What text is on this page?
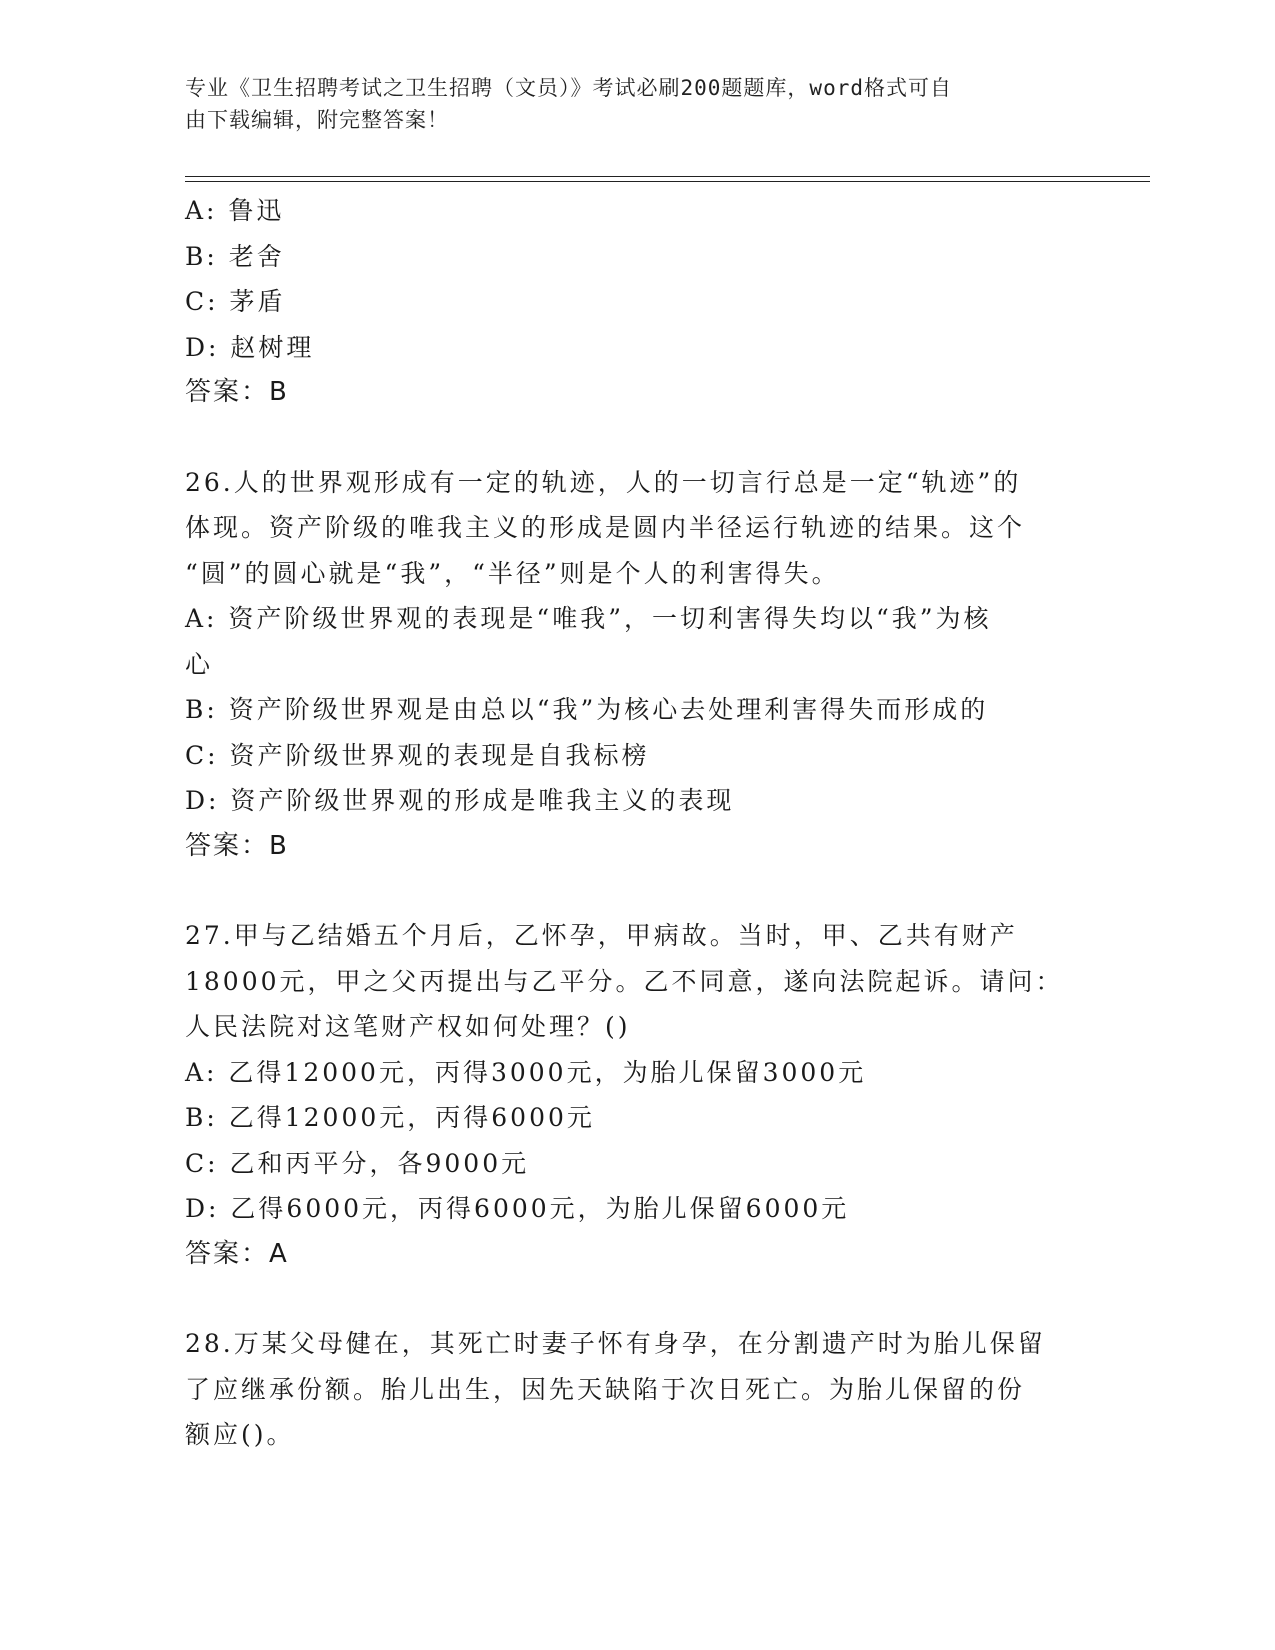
专业《卫生招聘考试之卫生招聘（文员）》考试必刷200题题库，word格式可自
由下载编辑，附完整答案！
A: 鲁迅
B: 老舍
C: 茅盾
D: 赵树理
答案：B
26.人的世界观形成有一定的轨迹，人的一切言行总是一定“轨迹”的
体现。资产阶级的唯我主义的形成是圆内半径运行轨迹的结果。这个
“圆”的圆心就是“我”，“半径”则是个人的利害得失。
A: 资产阶级世界观的表现是“唯我”，一切利害得失均以“我”为核
心
B: 资产阶级世界观是由总以“我”为核心去处理利害得失而形成的
C: 资产阶级世界观的表现是自我标榜
D: 资产阶级世界观的形成是唯我主义的表现
答案：B
27.甲与乙结婚五个月后，乙怀孕，甲病故。当时，甲、乙共有财产
18000元，甲之父丙提出与乙平分。乙不同意，遂向法院起诉。请问：
人民法院对这笔财产权如何处理？()
A: 乙得12000元，丙得3000元，为胎儿保留3000元
B: 乙得12000元，丙得6000元
C: 乙和丙平分，各9000元
D: 乙得6000元，丙得6000元，为胎儿保留6000元
答案：A
28.万某父母健在，其死亡时妻子怀有身孕，在分割遗产时为胎儿保留
了应继承份额。胎儿出生，因先天缺陷于次日死亡。为胎儿保留的份
额应()。
